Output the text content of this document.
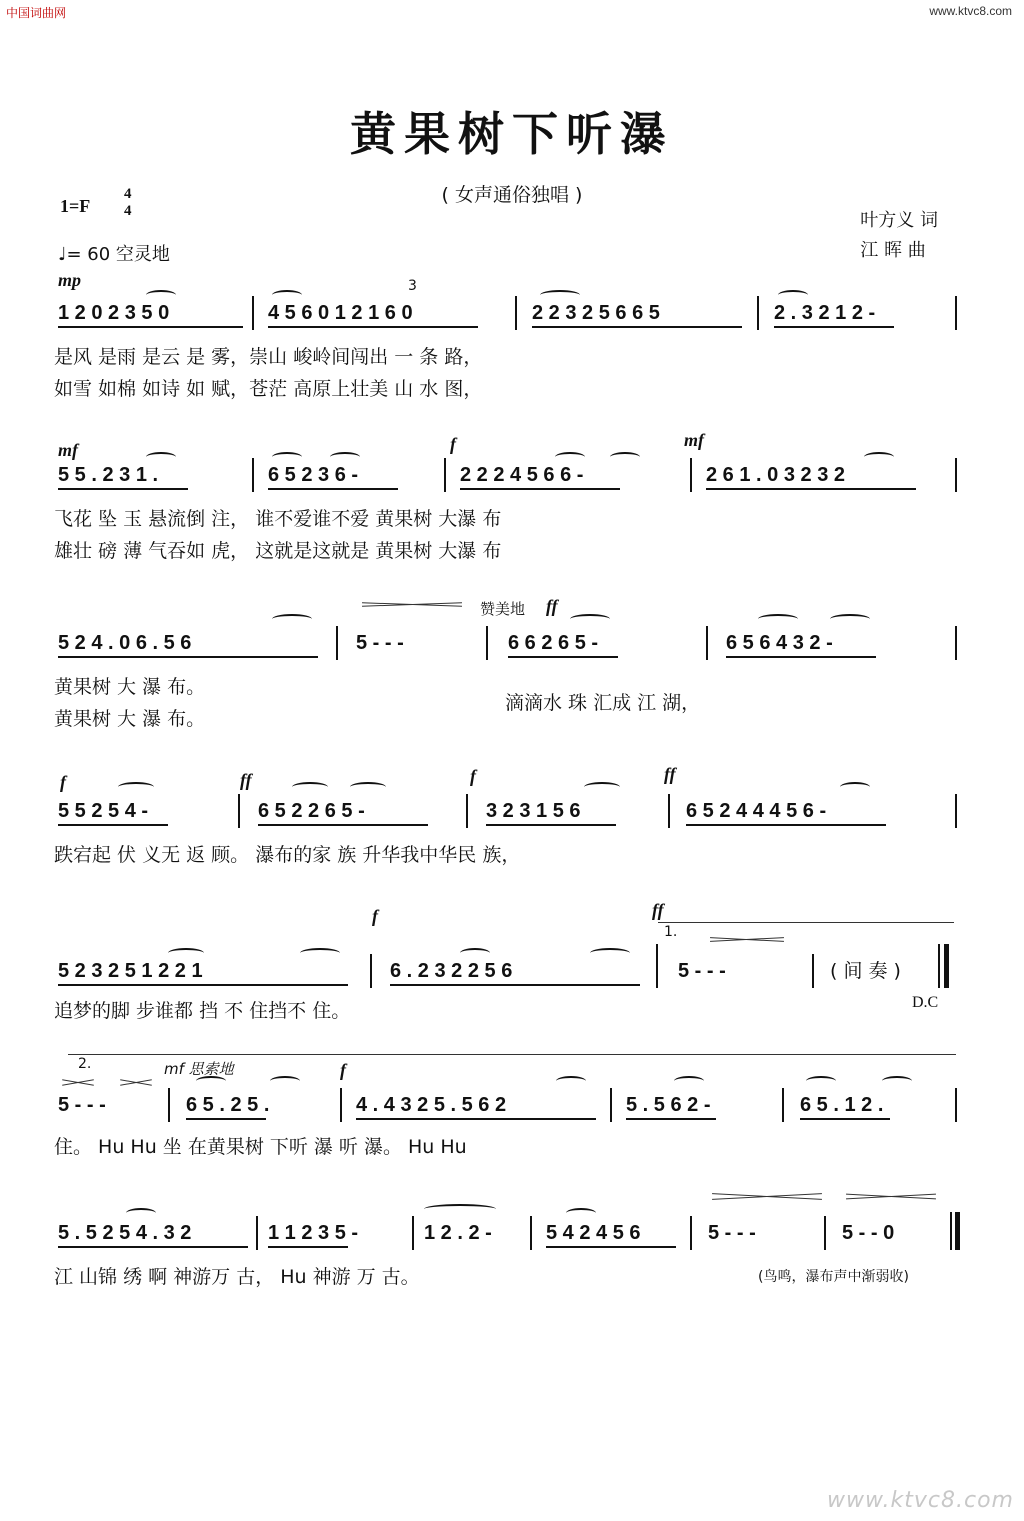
中国词曲网	www.ktvc8.com
黄果树下听瀑
( 女声通俗独唱 )
1=F
4
4	叶方义 词
江 晖 曲
♩= 60 空灵地
mp	3
1 2 0 2 3 5 0	4 5 6 0 1 2 1 6 0	2 2 3 2 5 6 6 5	2 . 3 2 1 2 -
是风 是雨 是云 是 雾，崇山 峻岭间闯出 一 条 路，
如雪 如棉 如诗 如 赋，苍茫 高原上壮美 山 水 图，
mf	f	mf
5 5 . 2 3 1 .	6 5 2 3 6 -	2 2 2 4 5 6 6 -	2 6 1 . 0 3 2 3 2
飞花 坠 玉 悬流倒 注， 谁不爱谁不爱 黄果树 大瀑 布
雄壮 磅 薄 气吞如 虎， 这就是这就是 黄果树 大瀑 布
赞美地 ff
5 2 4 . 0 6 . 5 6	5 - - -	6 6 2 6 5 -	6 5 6 4 3 2 -
黄果树 大 瀑 布。
黄果树 大 瀑 布。
滴滴水 珠 汇成 江 湖，
f	ff	f	ff
5 5 2 5 4 -	6 5 2 2 6 5 -	3 2 3 1 5 6	6 5 2 4 4 4 5 6 -
跌宕起 伏 义无 返 顾。 瀑布的家 族 升华我中华民 族，
f	ff
1.
5 2 3 2 5 1 2 2 1	6 . 2 3 2 2 5 6	5 - - -	( 间 奏 )
追梦的脚 步谁都 挡 不 住挡不 住。	D.C
2.	mf 思索地	f
5 - - -	6 5 . 2 5 .	4 . 4 3 2 5 . 5 6 2	5 . 5 6 2 -	6 5 . 1 2 .
住。 Hu Hu 坐 在黄果树 下听 瀑 听 瀑。 Hu Hu
5 . 5 2 5 4 . 3 2	1 1 2 3 5 -	1 2 . 2 -	5 4 2 4 5 6	5 - - -	5 - - 0
江 山锦 绣 啊 神游万 古， Hu 神游 万 古。	(鸟鸣，瀑布声中渐弱收)
www.ktvc8.com
